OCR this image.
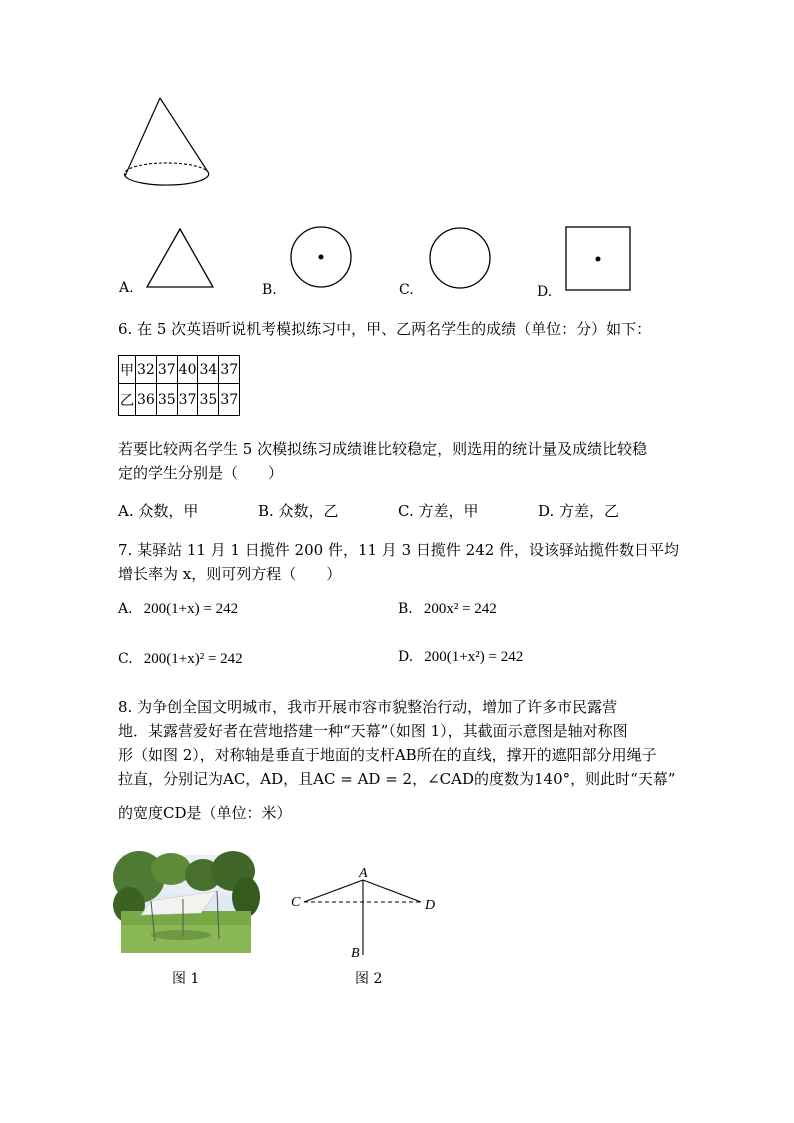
A.	B.	C.	D.
6. 在 5 次英语听说机考模拟练习中，甲、乙两名学生的成绩（单位：分）如下：
甲	32	37	40	34	37
乙	36	35	37	35	37
若要比较两名学生 5 次模拟练习成绩谁比较稳定，则选用的统计量及成绩比较稳
定的学生分别是（　　）
A. 众数，甲	B. 众数，乙	C. 方差，甲	D. 方差，乙
7. 某驿站 11 月 1 日揽件 200 件，11 月 3 日揽件 242 件，设该驿站揽件数日平均
增长率为 x，则可列方程（　　）
A. 200(1+x) = 242	B. 200x² = 242
C. 200(1+x)² = 242	D. 200(1+x²) = 242
8. 为争创全国文明城市，我市开展市容市貌整治行动，增加了许多市民露营
地．某露营爱好者在营地搭建一种“天幕”（如图 1），其截面示意图是轴对称图
形（如图 2），对称轴是垂直于地面的支杆AB所在的直线，撑开的遮阳部分用绳子
拉直，分别记为AC，AD，且AC = AD = 2，∠CAD的度数为140°，则此时“天幕”
的宽度CD是（单位：米）
图 1
A
C	D
B
图 2
